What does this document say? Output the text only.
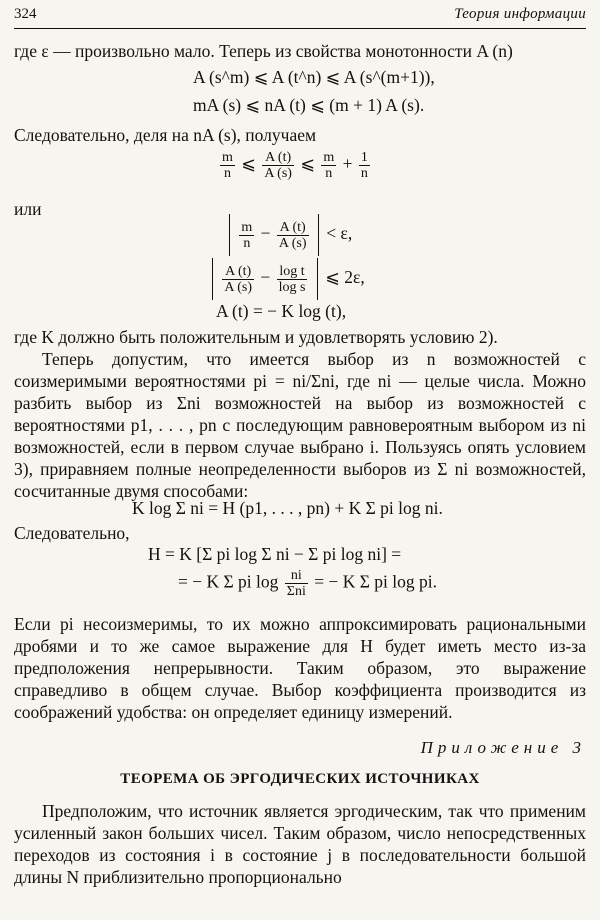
324	Теория информации
где ε — произвольно мало. Теперь из свойства монотонности A (n)
A (s^m) ⩽ A (t^n) ⩽ A (s^(m+1)),
mA (s) ⩽ nA (t) ⩽ (m + 1) A (s).
Следовательно, деля на nA (s), получаем
$\frac{m}{n}$ ⩽ $\frac{A (t)}{A (s)}$ ⩽ $\frac{m}{n} + \frac{1}{n}$
или

$\frac{m}{n} - \frac{A (t)}{A (s)} < \varepsilon$,

$\frac{A (t)}{A (s)} - \frac{\text{log t}}{\text{log s}}$ ⩽ 2ε,
A (t) = − K log (t),
где K должно быть положительным и удовлетворять условию 2).
Теперь допустим, что имеется выбор из n возможностей с соизмеримыми вероятностями pi = ni/Σni, где ni — целые числа. Можно разбить выбор из Σni возможностей на выбор из возможностей с вероятностями p1, . . . , pn с последующим равновероятным выбором из ni возможностей, если в первом случае выбрано i. Пользуясь опять условием 3), приравняем полные неопределенности выборов из Σ ni возможностей, сосчитанные двумя способами:
K log Σ ni = H (p1, . . . , pn) + K Σ pi log ni.
Следовательно,
H = K [Σ pi log Σ ni − Σ pi log ni] =
= − K Σ pi $\log \frac{ni}{\text{Σni}}$ = − K Σ pi log pi.
Если pi несоизмеримы, то их можно аппроксимировать рациональными дробями и то же самое выражение для H будет иметь место из-за предположения непрерывности. Таким образом, это выражение справедливо в общем случае. Выбор коэффициента производится из соображений удобства: он определяет единицу измерений.
Приложение 3
ТЕОРЕМА ОБ ЭРГОДИЧЕСКИХ ИСТОЧНИКАХ
Предположим, что источник является эргодическим, так что применим усиленный закон больших чисел. Таким образом, число непосредственных переходов из состояния i в состояние j в последовательности большой длины N приблизительно пропорционально
